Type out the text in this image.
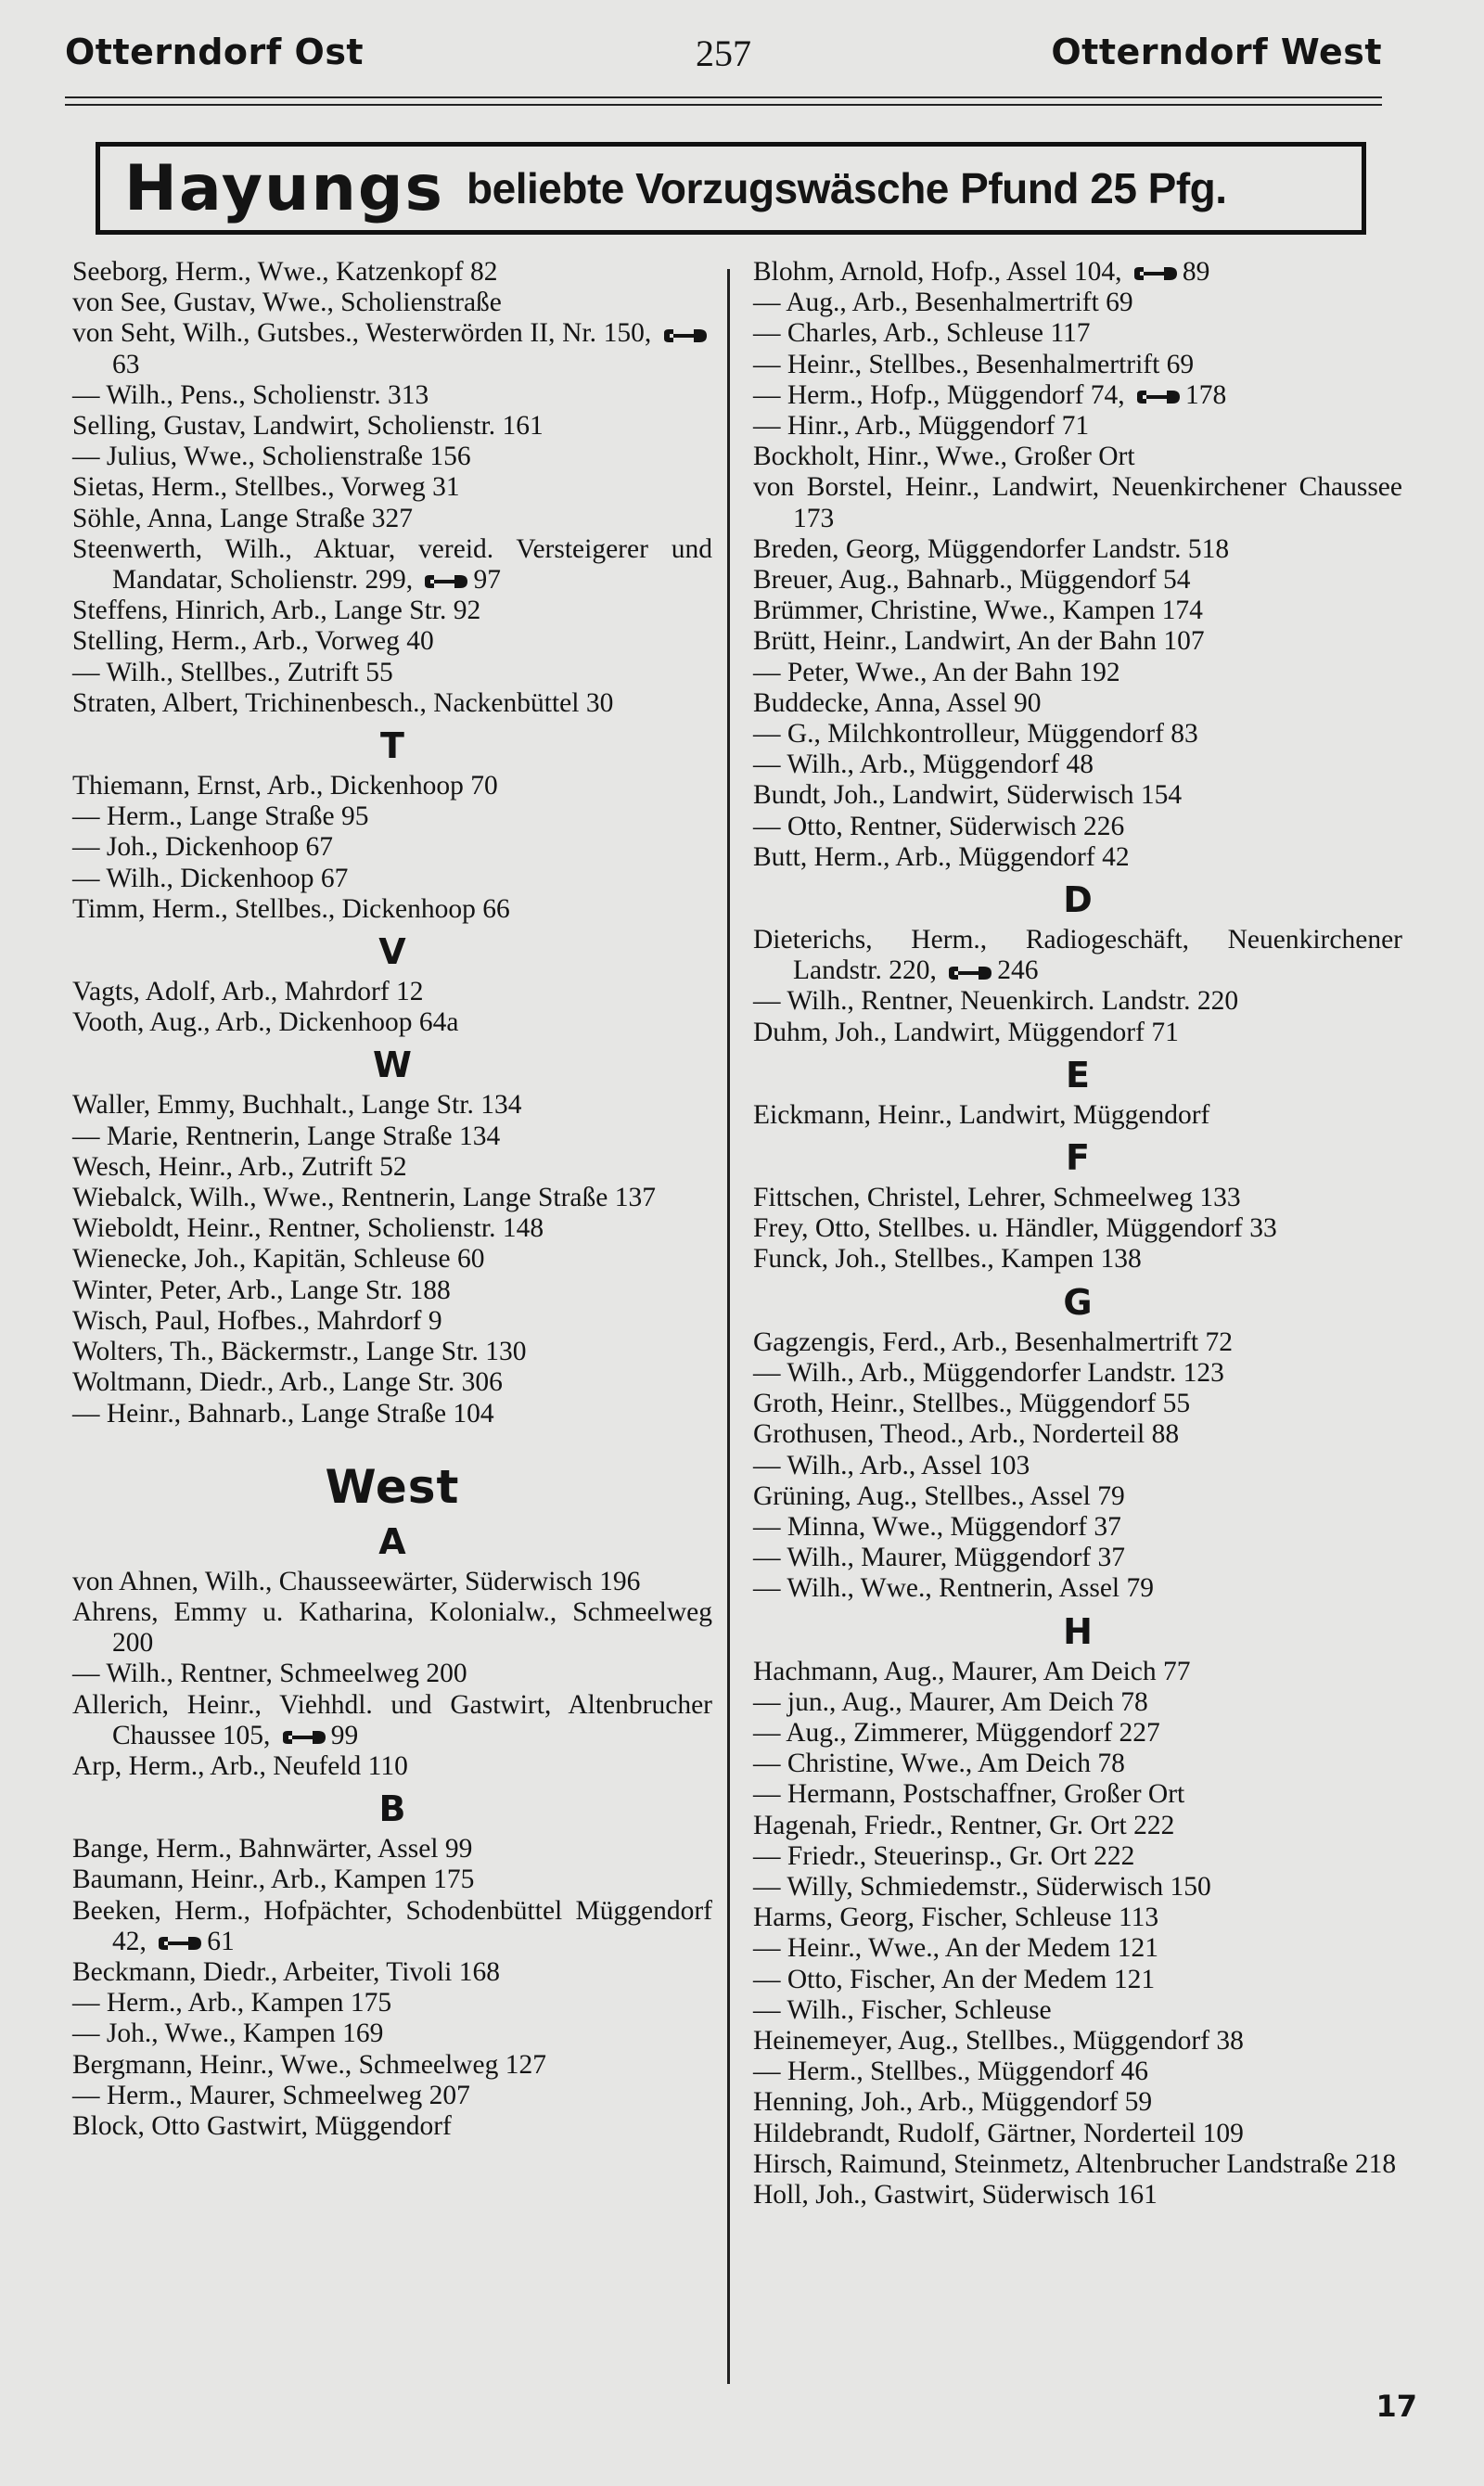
Otterndorf Ost	257	Otterndorf West
Hayungs beliebte Vorzugswäsche Pfund 25 Pfg.
Seeborg, Herm., Wwe., Katzenkopf 82
von See, Gustav, Wwe., Scholienstraße
von Seht, Wilh., Gutsbes., Westerwörden II, Nr. 150, 63
— Wilh., Pens., Scholienstr. 313
Selling, Gustav, Landwirt, Scholienstr. 161
— Julius, Wwe., Scholienstraße 156
Sietas, Herm., Stellbes., Vorweg 31
Söhle, Anna, Lange Straße 327
Steenwerth, Wilh., Aktuar, vereid. Versteigerer und Mandatar, Scholienstr. 299, 97
Steffens, Hinrich, Arb., Lange Str. 92
Stelling, Herm., Arb., Vorweg 40
— Wilh., Stellbes., Zutrift 55
Straten, Albert, Trichinenbesch., Nackenbüttel 30
T
Thiemann, Ernst, Arb., Dickenhoop 70
— Herm., Lange Straße 95
— Joh., Dickenhoop 67
— Wilh., Dickenhoop 67
Timm, Herm., Stellbes., Dickenhoop 66
V
Vagts, Adolf, Arb., Mahrdorf 12
Vooth, Aug., Arb., Dickenhoop 64a
W
Waller, Emmy, Buchhalt., Lange Str. 134
— Marie, Rentnerin, Lange Straße 134
Wesch, Heinr., Arb., Zutrift 52
Wiebalck, Wilh., Wwe., Rentnerin, Lange Straße 137
Wieboldt, Heinr., Rentner, Scholienstr. 148
Wienecke, Joh., Kapitän, Schleuse 60
Winter, Peter, Arb., Lange Str. 188
Wisch, Paul, Hofbes., Mahrdorf 9
Wolters, Th., Bäckermstr., Lange Str. 130
Woltmann, Diedr., Arb., Lange Str. 306
— Heinr., Bahnarb., Lange Straße 104
West
A
von Ahnen, Wilh., Chausseewärter, Süderwisch 196
Ahrens, Emmy u. Katharina, Kolonialw., Schmeelweg 200
— Wilh., Rentner, Schmeelweg 200
Allerich, Heinr., Viehhdl. und Gastwirt, Altenbrucher Chaussee 105, 99
Arp, Herm., Arb., Neufeld 110
B
Bange, Herm., Bahnwärter, Assel 99
Baumann, Heinr., Arb., Kampen 175
Beeken, Herm., Hofpächter, Schodenbüttel Müggendorf 42, 61
Beckmann, Diedr., Arbeiter, Tivoli 168
— Herm., Arb., Kampen 175
— Joh., Wwe., Kampen 169
Bergmann, Heinr., Wwe., Schmeelweg 127
— Herm., Maurer, Schmeelweg 207
Block, Otto Gastwirt, Müggendorf
Blohm, Arnold, Hofp., Assel 104, 89
— Aug., Arb., Besenhalmertrift 69
— Charles, Arb., Schleuse 117
— Heinr., Stellbes., Besenhalmertrift 69
— Herm., Hofp., Müggendorf 74, 178
— Hinr., Arb., Müggendorf 71
Bockholt, Hinr., Wwe., Großer Ort
von Borstel, Heinr., Landwirt, Neuenkirchener Chaussee 173
Breden, Georg, Müggendorfer Landstr. 518
Breuer, Aug., Bahnarb., Müggendorf 54
Brümmer, Christine, Wwe., Kampen 174
Brütt, Heinr., Landwirt, An der Bahn 107
— Peter, Wwe., An der Bahn 192
Buddecke, Anna, Assel 90
— G., Milchkontrolleur, Müggendorf 83
— Wilh., Arb., Müggendorf 48
Bundt, Joh., Landwirt, Süderwisch 154
— Otto, Rentner, Süderwisch 226
Butt, Herm., Arb., Müggendorf 42
D
Dieterichs, Herm., Radiogeschäft, Neuenkirchener Landstr. 220, 246
— Wilh., Rentner, Neuenkirch. Landstr. 220
Duhm, Joh., Landwirt, Müggendorf 71
E
Eickmann, Heinr., Landwirt, Müggendorf
F
Fittschen, Christel, Lehrer, Schmeelweg 133
Frey, Otto, Stellbes. u. Händler, Müggendorf 33
Funck, Joh., Stellbes., Kampen 138
G
Gagzengis, Ferd., Arb., Besenhalmertrift 72
— Wilh., Arb., Müggendorfer Landstr. 123
Groth, Heinr., Stellbes., Müggendorf 55
Grothusen, Theod., Arb., Norderteil 88
— Wilh., Arb., Assel 103
Grüning, Aug., Stellbes., Assel 79
— Minna, Wwe., Müggendorf 37
— Wilh., Maurer, Müggendorf 37
— Wilh., Wwe., Rentnerin, Assel 79
H
Hachmann, Aug., Maurer, Am Deich 77
— jun., Aug., Maurer, Am Deich 78
— Aug., Zimmerer, Müggendorf 227
— Christine, Wwe., Am Deich 78
— Hermann, Postschaffner, Großer Ort
Hagenah, Friedr., Rentner, Gr. Ort 222
— Friedr., Steuerinsp., Gr. Ort 222
— Willy, Schmiedemstr., Süderwisch 150
Harms, Georg, Fischer, Schleuse 113
— Heinr., Wwe., An der Medem 121
— Otto, Fischer, An der Medem 121
— Wilh., Fischer, Schleuse
Heinemeyer, Aug., Stellbes., Müggendorf 38
— Herm., Stellbes., Müggendorf 46
Henning, Joh., Arb., Müggendorf 59
Hildebrandt, Rudolf, Gärtner, Norderteil 109
Hirsch, Raimund, Steinmetz, Altenbrucher Landstraße 218
Holl, Joh., Gastwirt, Süderwisch 161
17
